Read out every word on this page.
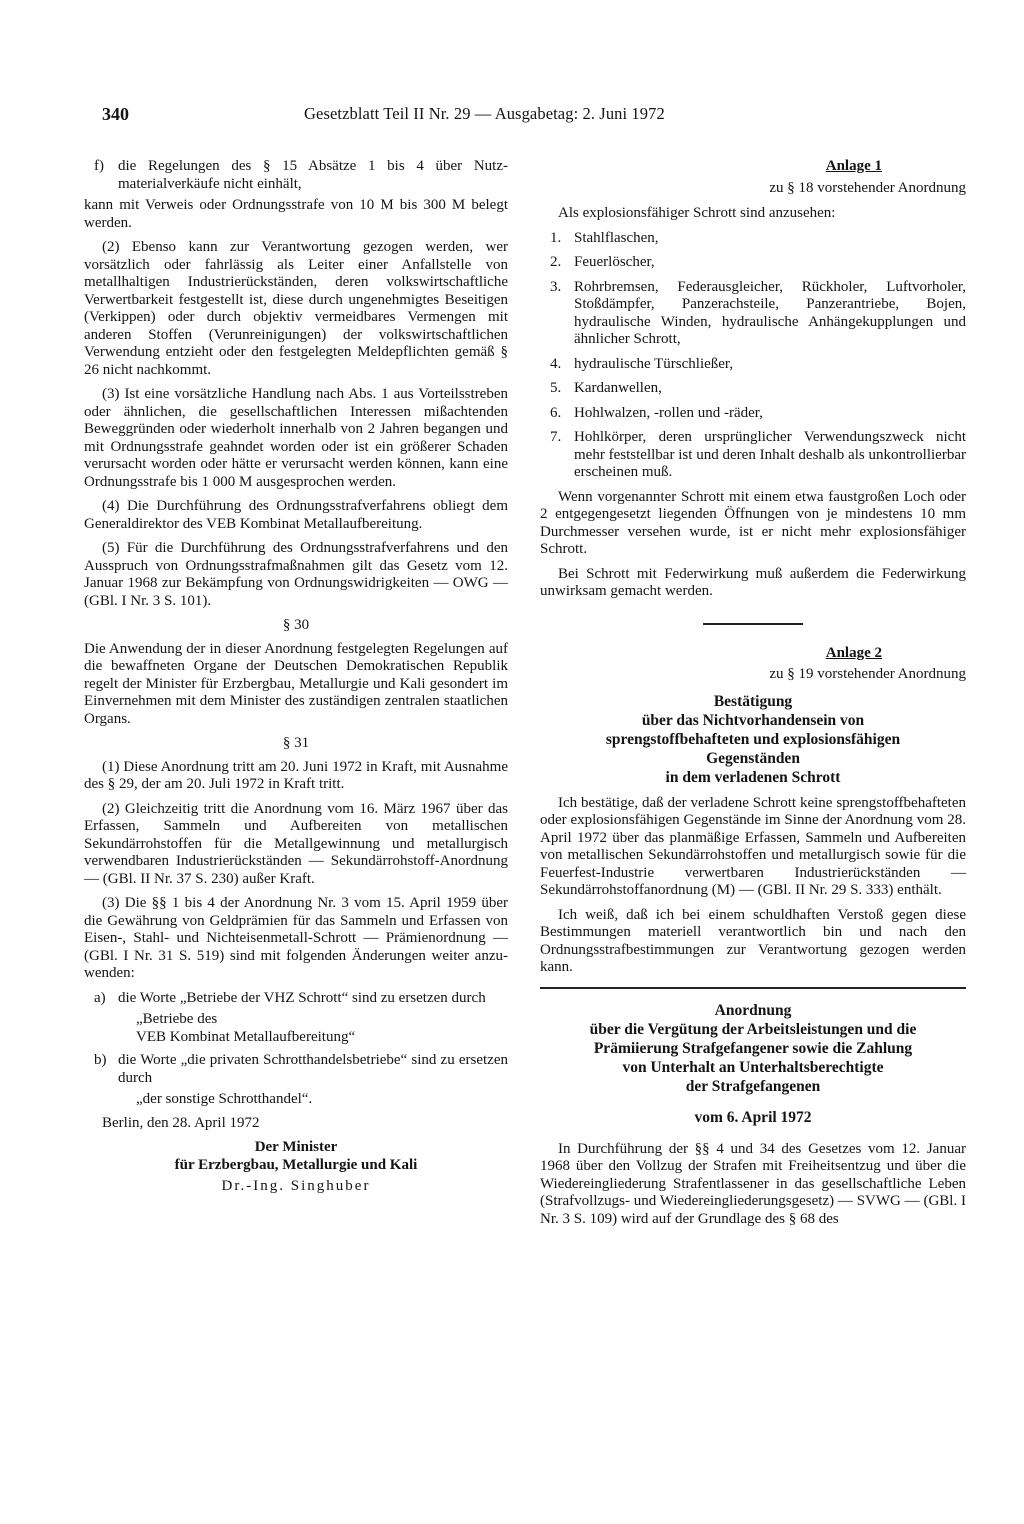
340	Gesetzblatt Teil II Nr. 29 — Ausgabetag: 2. Juni 1972
f) die Regelungen des § 15 Absätze 1 bis 4 über Nutzmaterialverkäufe nicht einhält,

kann mit Verweis oder Ordnungsstrafe von 10 M bis 300 M belegt werden.

(2) Ebenso kann zur Verantwortung gezogen werden, wer vorsätzlich oder fahrlässig als Leiter einer Anfallstelle von metallhaltigen Industrierückständen, deren volkswirtschaftliche Verwertbarkeit festgestellt ist, diese durch ungenehmigtes Beseitigen (Verkippen) oder durch objektiv vermeidbares Vermengen mit anderen Stoffen (Verunreinigungen) der volkswirtschaftlichen Verwendung entzieht oder den festgelegten Meldepflichten gemäß § 26 nicht nachkommt.

(3) Ist eine vorsätzliche Handlung nach Abs. 1 aus Vorteilsstreben oder ähnlichen, die gesellschaftlichen Interessen mißachtenden Beweggründen oder wiederholt innerhalb von 2 Jahren begangen und mit Ordnungsstrafe geahndet worden oder ist ein größerer Schaden verursacht worden oder hätte er verursacht werden können, kann eine Ordnungsstrafe bis 1 000 M ausgesprochen werden.

(4) Die Durchführung des Ordnungsstrafverfahrens obliegt dem Generaldirektor des VEB Kombinat Metallaufbereitung.

(5) Für die Durchführung des Ordnungsstrafverfahrens und den Ausspruch von Ordnungsstrafmaßnahmen gilt das Gesetz vom 12. Januar 1968 zur Bekämpfung von Ordnungswidrigkeiten — OWG — (GBl. I Nr. 3 S. 101).

§ 30

Die Anwendung der in dieser Anordnung festgelegten Regelungen auf die bewaffneten Organe der Deutschen Demokratischen Republik regelt der Minister für Erzbergbau, Metallurgie und Kali gesondert im Einvernehmen mit dem Minister des zuständigen zentralen staatlichen Organs.

§ 31

(1) Diese Anordnung tritt am 20. Juni 1972 in Kraft, mit Ausnahme des § 29, der am 20. Juli 1972 in Kraft tritt.

(2) Gleichzeitig tritt die Anordnung vom 16. März 1967 über das Erfassen, Sammeln und Aufbereiten von metallischen Sekundärrohstoffen für die Metallgewinnung und metallurgisch verwendbaren Industrierückständen — Sekundärrohstoff-Anordnung — (GBl. II Nr. 37 S. 230) außer Kraft.

(3) Die §§ 1 bis 4 der Anordnung Nr. 3 vom 15. April 1959 über die Gewährung von Geldprämien für das Sammeln und Erfassen von Eisen-, Stahl- und Nichteisenmetall-Schrott — Prämienordnung — (GBl. I Nr. 31 S. 519) sind mit folgenden Änderungen weiter anzuwenden:

a) die Worte „Betriebe der VHZ Schrott“ sind zu ersetzen durch

„Betriebe des

VEB Kombinat Metallaufbereitung“

b) die Worte „die privaten Schrotthandelsbetriebe“ sind zu ersetzen durch

„der sonstige Schrotthandel“.

Berlin, den 28. April 1972

Der Minister

für Erzbergbau, Metallurgie und Kali

Dr.-Ing. Singhuber

Anlage 1
zu § 18 vorstehender Anordnung

Als explosionsfähiger Schrott sind anzusehen:

1. Stahlflaschen,
2. Feuerlöscher,
3. Rohrbremsen, Federausgleicher, Rückholer, Luftvorholer, Stoßdämpfer, Panzerachsteile, Panzerantriebe, Bojen, hydraulische Winden, hydraulische Anhängekupplungen und ähnlicher Schrott,
4. hydraulische Türschließer,
5. Kardanwellen,
6. Hohlwalzen, -rollen und -räder,
7. Hohlkörper, deren ursprünglicher Verwendungszweck nicht mehr feststellbar ist und deren Inhalt deshalb als unkontrollierbar erscheinen muß.

Wenn vorgenannter Schrott mit einem etwa faustgroßen Loch oder 2 entgegengesetzt liegenden Öffnungen von je mindestens 10 mm Durchmesser versehen wurde, ist er nicht mehr explosionsfähiger Schrott.

Bei Schrott mit Federwirkung muß außerdem die Federwirkung unwirksam gemacht werden.

Anlage 2
zu § 19 vorstehender Anordnung
Bestätigung
über das Nichtvorhandensein von
sprengstoffbehafteten und explosionsfähigen
Gegenständen
in dem verladenen Schrott

Ich bestätige, daß der verladene Schrott keine sprengstoffbehafteten oder explosionsfähigen Gegenstände im Sinne der Anordnung vom 28. April 1972 über das planmäßige Erfassen, Sammeln und Aufbereiten von metallischen Sekundärrohstoffen und metallurgisch sowie für die Feuerfest-Industrie verwertbaren Industrierückständen — Sekundärrohstoffanordnung (M) — (GBl. II Nr. 29 S. 333) enthält.

Ich weiß, daß ich bei einem schuldhaften Verstoß gegen diese Bestimmungen materiell verantwortlich bin und nach den Ordnungsstrafbestimmungen zur Verantwortung gezogen werden kann.

Anordnung
über die Vergütung der Arbeitsleistungen und die
Prämiierung Strafgefangener sowie die Zahlung
von Unterhalt an Unterhaltsberechtigte
der Strafgefangenen
vom 6. April 1972

In Durchführung der §§ 4 und 34 des Gesetzes vom 12. Januar 1968 über den Vollzug der Strafen mit Freiheitsentzug und über die Wiedereingliederung Strafentlassener in das gesellschaftliche Leben (Strafvollzugs- und Wiedereingliederungsgesetz) — SVWG — (GBl. I Nr. 3 S. 109) wird auf der Grundlage des § 68 des
